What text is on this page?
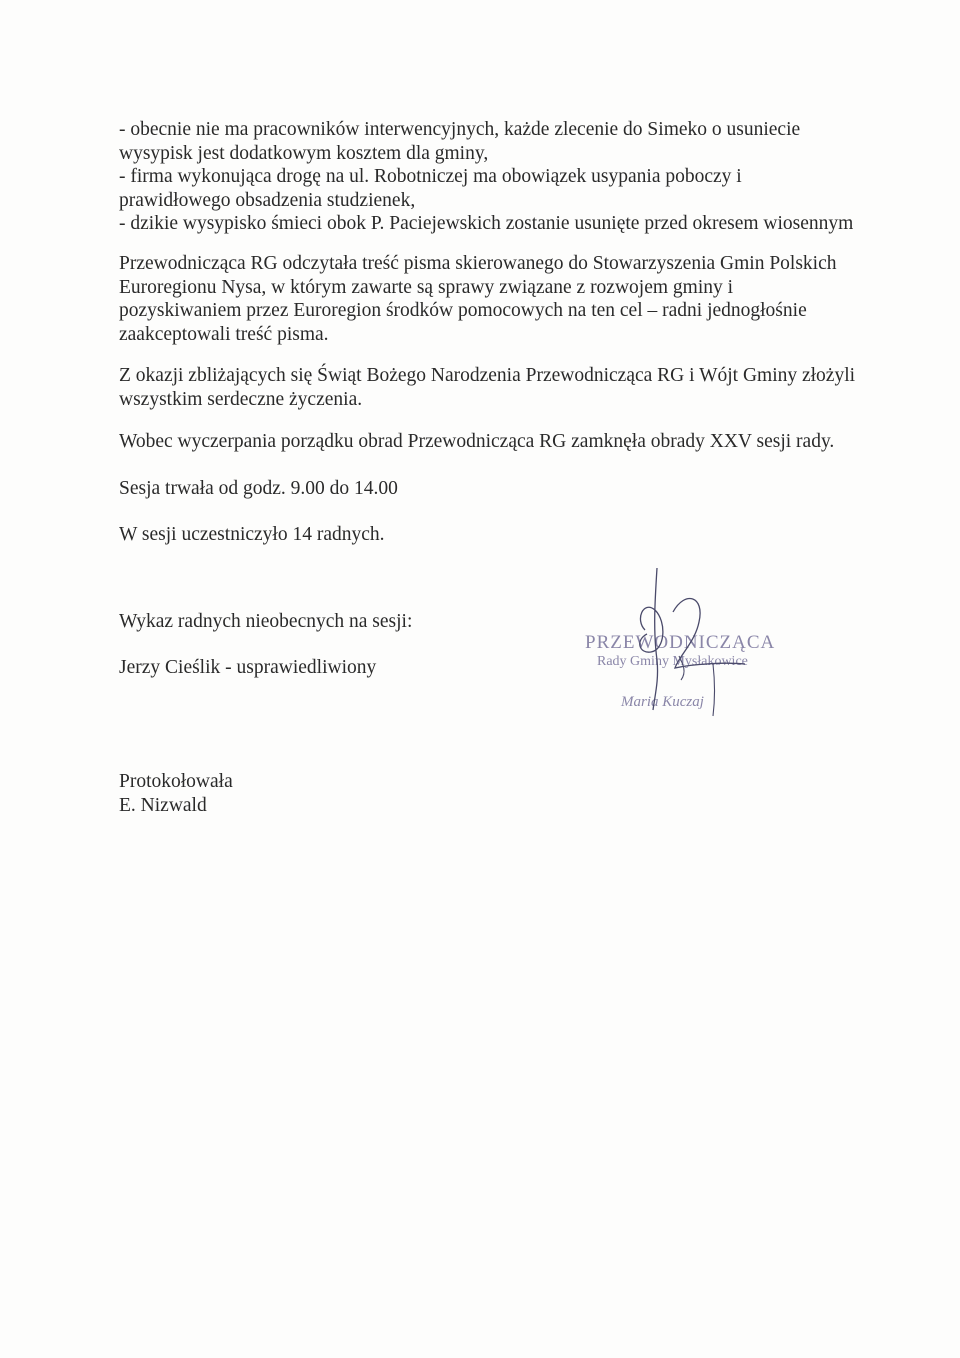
- obecnie nie ma pracowników interwencyjnych, każde zlecenie do Simeko o usuniecie
wysypisk jest dodatkowym kosztem dla gminy,
- firma wykonująca drogę na ul. Robotniczej ma obowiązek usypania poboczy i
prawidłowego obsadzenia studzienek,
- dzikie wysypisko śmieci obok P. Paciejewskich zostanie usunięte przed okresem wiosennym
Przewodnicząca RG odczytała treść pisma skierowanego do Stowarzyszenia Gmin Polskich
Euroregionu Nysa, w którym zawarte są sprawy związane z rozwojem gminy i
pozyskiwaniem przez Euroregion środków pomocowych na ten cel – radni jednogłośnie
zaakceptowali treść pisma.
Z okazji zbliżających się Świąt Bożego Narodzenia Przewodnicząca RG i Wójt Gminy złożyli
wszystkim serdeczne życzenia.
Wobec wyczerpania porządku obrad Przewodnicząca RG zamknęła obrady XXV sesji rady.
Sesja trwała od godz. 9.00 do 14.00
W sesji uczestniczyło 14 radnych.
Wykaz radnych nieobecnych na sesji:
Jerzy Cieślik - usprawiedliwiony
Protokołowała
E. Nizwald
PRZEWODNICZĄCA
Rady Gminy Mysłakowice
Maria Kuczaj
